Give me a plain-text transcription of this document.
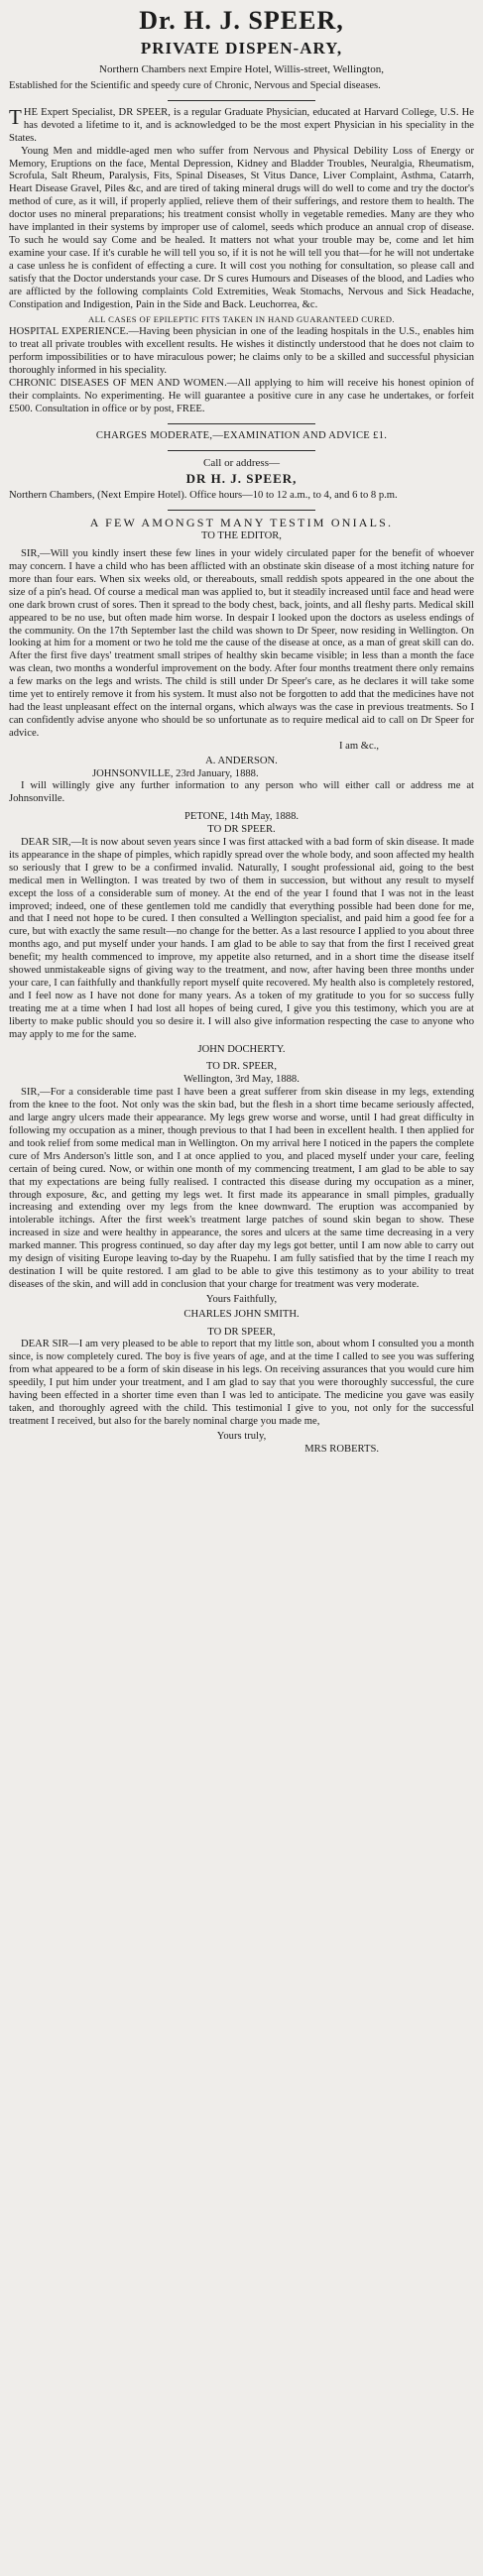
Dr. H. J. SPEER,
PRIVATE DISPEN-ARY,

Northern Chambers next Empire Hotel, Willis-street, Wellington,

Established for the Scientific and speedy cure of Chronic, Nervous and Special diseases.

THE Expert Specialist, DR SPEER, is a regular Graduate Physician, educated at Harvard College, U.S. He has devoted a lifetime to it, and is acknowledged to be the most expert Physician in his speciality in the States.

Young Men and middle-aged men who suffer from Nervous and Physical Debility Loss of Energy or Memory, Eruptions on the face, Mental Depression, Kidney and Bladder Troubles, Neuralgia, Rheumatism, Scrofula, Salt Rheum, Paralysis, Fits, Spinal Diseases, St Vitus Dance, Liver Complaint, Asthma, Catarrh, Heart Disease Gravel, Piles &c, and are tired of taking mineral drugs will do well to come and try the doctor's method of cure, as it will, if properly applied, relieve them of their sufferings, and restore them to health. The doctor uses no mineral preparations; his treatment consist wholly in vegetable remedies. Many are they who have implanted in their systems by improper use of calomel, seeds which produce an annual crop of disease. To such he would say Come and be healed. It matters not what your trouble may be, come and let him examine your case. If it's curable he will tell you so, if it is not he will tell you that—for he will not undertake a case unless he is confident of effecting a cure. It will cost you nothing for consultation, so please call and satisfy that the Doctor understands your case. Dr S cures Humours and Diseases of the blood, and Ladies who are afflicted by the following complaints Cold Extremities, Weak Stomachs, Nervous and Sick Headache, Constipation and Indigestion, Pain in the Side and Back. Leuchorrea, &c.

ALL CASES OF EPILEPTIC FITS TAKEN IN HAND GUARANTEED CURED.

HOSPITAL EXPERIENCE.—Having been physician in one of the leading hospitals in the U.S., enables him to treat all private troubles with excellent results. He wishes it distinctly understood that he does not claim to perform impossibilities or to have miraculous power; he claims only to be a skilled and successful physician thoroughly informed in his speciality.

CHRONIC DISEASES OF MEN AND WOMEN.—All applying to him will receive his honest opinion of their complaints. No experimenting. He will guarantee a positive cure in any case he undertakes, or forfeit £500. Consultation in office or by post, FREE.

CHARGES MODERATE,—EXAMINATION AND ADVICE £1.

Call or address—

DR H. J. SPEER,

Northern Chambers, (Next Empire Hotel). Office hours—10 to 12 a.m., to 4, and 6 to 8 p.m.

A FEW AMONGST MANY TESTIM ONIALS.

TO THE EDITOR,

SIR,—Will you kindly insert these few lines in your widely circulated paper for the benefit of whoever may concern. I have a child who has been afflicted with an obstinate skin disease of a most itching nature for more than four ears. When six weeks old, or thereabouts, small reddish spots appeared in the one about the size of a pin's head. Of course a medical man was applied to, but it steadily increased until face and head were one dark brown crust of sores. Then it spread to the body chest, back, joints, and all fleshy parts. Medical skill appeared to be no use, but often made him worse. In despair I looked upon the doctors as useless endings of the community. On the 17th September last the child was shown to Dr Speer, now residing in Wellington. On looking at him for a moment or two he told me the cause of the disease at once, as a man of great skill can do. After the first five days' treatment small stripes of healthy skin became visible; in less than a month the face was clean, two months a wonderful improvement on the body. After four months treatment there only remains a few marks on the legs and wrists. The child is still under Dr Speer's care, as he declares it will take some time yet to entirely remove it from his system. It must also not be forgotten to add that the medicines have not had the least unpleasant effect on the internal organs, which always was the case in previous treatments. So I can confidently advise anyone who should be so unfortunate as to require medical aid to call on Dr Speer for advice.

I am &c.,

A. ANDERSON.

JOHNSONVILLE, 23rd January, 1888.

I will willingly give any further information to any person who will either call or address me at Johnsonville.

PETONE, 14th May, 1888.

TO DR SPEER.

DEAR SIR,—It is now about seven years since I was first attacked with a bad form of skin disease. It made its appearance in the shape of pimples, which rapidly spread over the whole body, and soon affected my health so seriously that I grew to be a confirmed invalid. Naturally, I sought professional aid, going to the best medical men in Wellington. I was treated by two of them in succession, but without any result to myself except the loss of a considerable sum of money. At the end of the year I found that I was not in the least improved; indeed, one of these gentlemen told me candidly that everything possible had been done for me, and that I need not hope to be cured. I then consulted a Wellington specialist, and paid him a good fee for a cure, but with exactly the same result—no change for the better. As a last resource I applied to you about three months ago, and put myself under your hands. I am glad to be able to say that from the first I received great benefit; my health commenced to improve, my appetite also returned, and in a short time the disease itself showed unmistakeable signs of giving way to the treatment, and now, after having been three months under your care, I can faithfully and thankfully report myself quite recovered. My health also is completely restored, and I feel now as I have not done for many years. As a token of my gratitude to you for so success fully treating me at a time when I had lost all hopes of being cured, I give you this testimony, which you are at liberty to make public should you so desire it. I will also give information respecting the case to anyone who may apply to me for the same.

JOHN DOCHERTY.

TO DR. SPEER,

Wellington, 3rd May, 1888.

SIR,—For a considerable time past I have been a great sufferer from skin disease in my legs, extending from the knee to the foot. Not only was the skin bad, but the flesh in a short time became seriously affected, and large angry ulcers made their appearance. My legs grew worse and worse, until I had great difficulty in following my occupation as a miner, though previous to that I had been in excellent health. I then applied for and took relief from some medical man in Wellington. On my arrival here I noticed in the papers the complete cure of Mrs Anderson's little son, and I at once applied to you, and placed myself under your care, feeling certain of being cured. Now, or within one month of my commencing treatment, I am glad to be able to say that my expectations are being fully realised. I contracted this disease during my occupation as a miner, through exposure, &c, and getting my legs wet. It first made its appearance in small pimples, gradually increasing and extending over my legs from the knee downward. The eruption was accompanied by intolerable itchings. After the first week's treatment large patches of sound skin began to show. These increased in size and were healthy in appearance, the sores and ulcers at the same time decreasing in a very marked manner. This progress continued, so day after day my legs got better, until I am now able to carry out my design of visiting Europe leaving to-day by the Ruapehu. I am fully satisfied that by the time I reach my destination I will be quite restored. I am glad to be able to give this testimony as to your ability to treat diseases of the skin, and will add in conclusion that your charge for treatment was very moderate.

Yours Faithfully,

CHARLES JOHN SMITH.

TO DR SPEER,

DEAR SIR—I am very pleased to be able to report that my little son, about whom I consulted you a month since, is now completely cured. The boy is five years of age, and at the time I called to see you was suffering from what appeared to be a form of skin disease in his legs. On receiving assurances that you would cure him speedily, I put him under your treatment, and I am glad to say that you were thoroughly successful, the cure having been effected in a shorter time even than I was led to anticipate. The medicine you gave was easily taken, and thoroughly agreed with the child. This testimonial I give to you, not only for the successful treatment I received, but also for the barely nominal charge you made me,

Yours truly,

MRS ROBERTS.
